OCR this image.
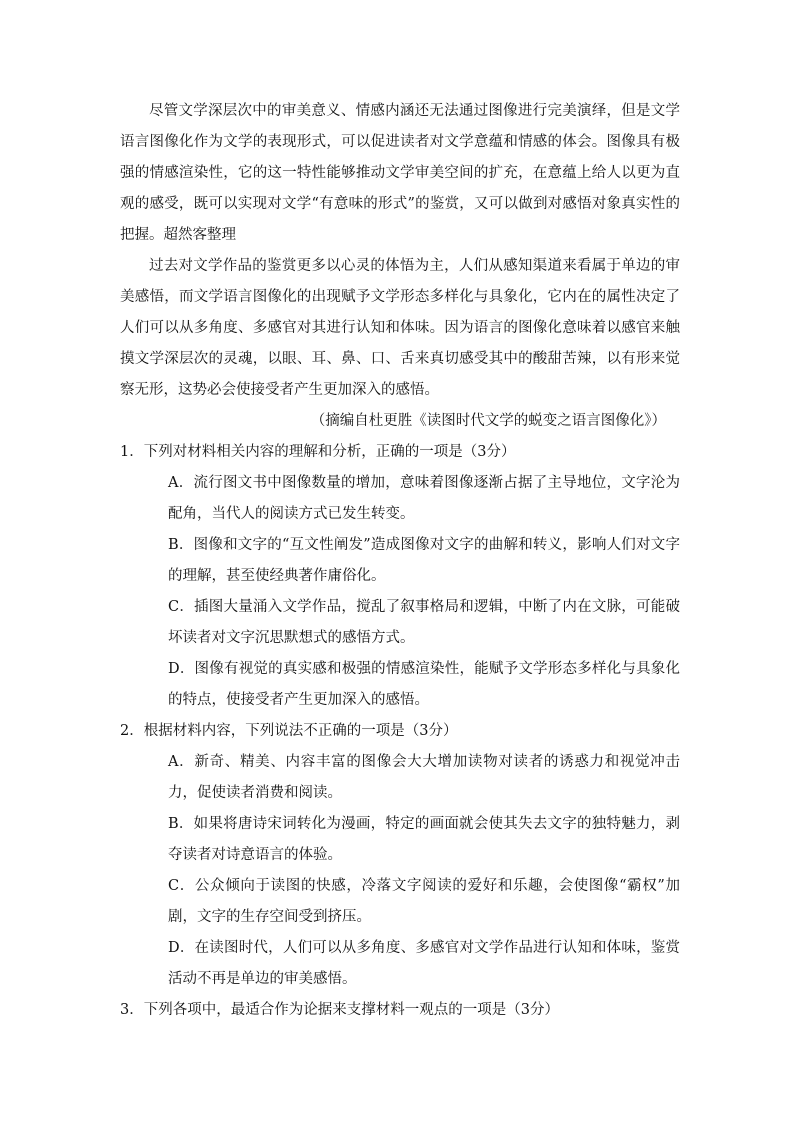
尽管文学深层次中的审美意义、情感内涵还无法通过图像进行完美演绎，但是文学语言图像化作为文学的表现形式，可以促进读者对文学意蕴和情感的体会。图像具有极强的情感渲染性，它的这一特性能够推动文学审美空间的扩充，在意蕴上给人以更为直观的感受，既可以实现对文学“有意味的形式”的鉴赏，又可以做到对感悟对象真实性的把握。超然客整理

过去对文学作品的鉴赏更多以心灵的体悟为主，人们从感知渠道来看属于单边的审美感悟，而文学语言图像化的出现赋予文学形态多样化与具象化，它内在的属性决定了人们可以从多角度、多感官对其进行认知和体味。因为语言的图像化意味着以感官来触摸文学深层次的灵魂，以眼、耳、鼻、口、舌来真切感受其中的酸甜苦辣，以有形来觉察无形，这势必会使接受者产生更加深入的感悟。

（摘编自杜更胜《读图时代文学的蜕变之语言图像化》）

1．下列对材料相关内容的理解和分析，正确的一项是（3分）

A．流行图文书中图像数量的增加，意味着图像逐渐占据了主导地位，文字沦为配角，当代人的阅读方式已发生转变。

B．图像和文字的“互文性阐发”造成图像对文字的曲解和转义，影响人们对文字的理解，甚至使经典著作庸俗化。

C．插图大量涌入文学作品，搅乱了叙事格局和逻辑，中断了内在文脉，可能破坏读者对文字沉思默想式的感悟方式。

D．图像有视觉的真实感和极强的情感渲染性，能赋予文学形态多样化与具象化的特点，使接受者产生更加深入的感悟。

2．根据材料内容，下列说法不正确的一项是（3分）

A．新奇、精美、内容丰富的图像会大大增加读物对读者的诱惑力和视觉冲击力，促使读者消费和阅读。

B．如果将唐诗宋词转化为漫画，特定的画面就会使其失去文字的独特魅力，剥夺读者对诗意语言的体验。

C．公众倾向于读图的快感，冷落文字阅读的爱好和乐趣，会使图像“霸权”加剧，文字的生存空间受到挤压。

D．在读图时代，人们可以从多角度、多感官对文学作品进行认知和体味，鉴赏活动不再是单边的审美感悟。

3．下列各项中，最适合作为论据来支撑材料一观点的一项是（3分）
